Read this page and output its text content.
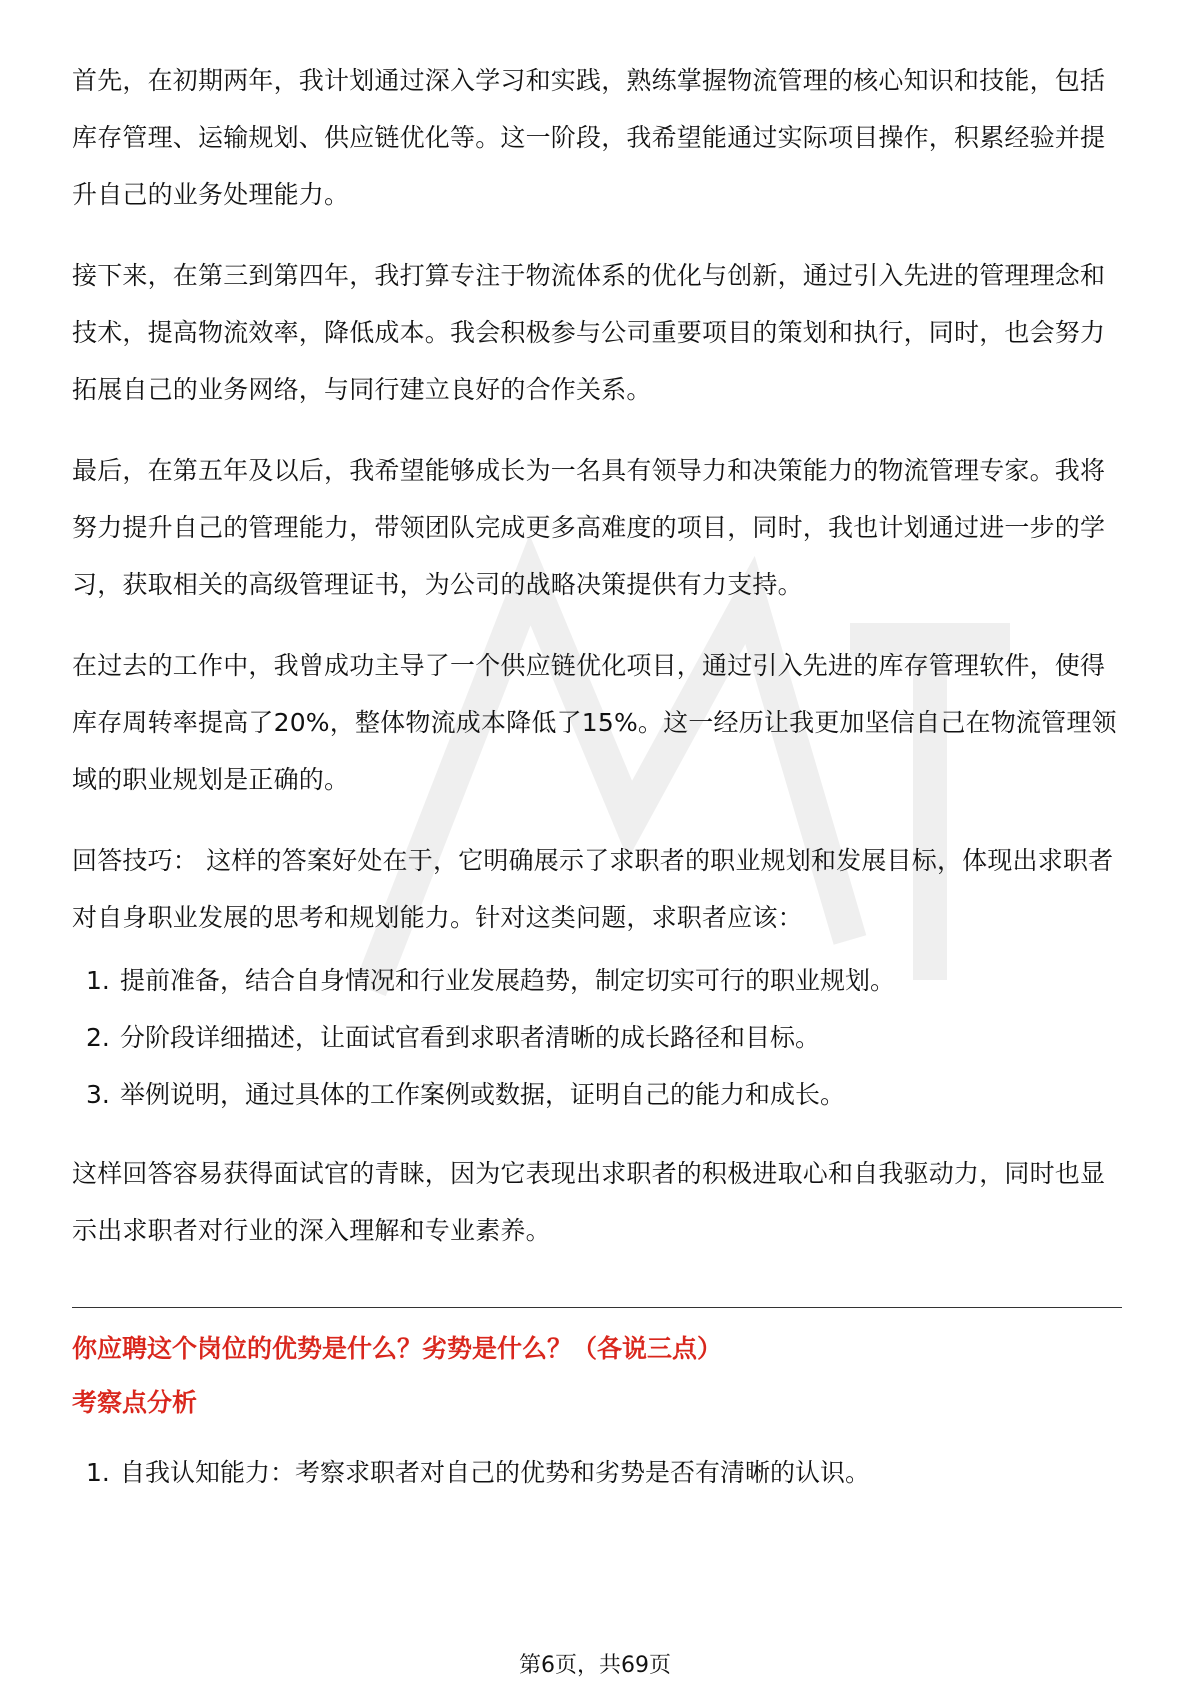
首先，在初期两年，我计划通过深入学习和实践，熟练掌握物流管理的核心知识和技能，包括库存管理、运输规划、供应链优化等。这一阶段，我希望能通过实际项目操作，积累经验并提升自己的业务处理能力。

接下来，在第三到第四年，我打算专注于物流体系的优化与创新，通过引入先进的管理理念和技术，提高物流效率，降低成本。我会积极参与公司重要项目的策划和执行，同时，也会努力拓展自己的业务网络，与同行建立良好的合作关系。

最后，在第五年及以后，我希望能够成长为一名具有领导力和决策能力的物流管理专家。我将努力提升自己的管理能力，带领团队完成更多高难度的项目，同时，我也计划通过进一步的学习，获取相关的高级管理证书，为公司的战略决策提供有力支持。

在过去的工作中，我曾成功主导了一个供应链优化项目，通过引入先进的库存管理软件，使得库存周转率提高了20%，整体物流成本降低了15%。这一经历让我更加坚信自己在物流管理领域的职业规划是正确的。

回答技巧： 这样的答案好处在于，它明确展示了求职者的职业规划和发展目标，体现出求职者对自身职业发展的思考和规划能力。针对这类问题，求职者应该：

1. 提前准备，结合自身情况和行业发展趋势，制定切实可行的职业规划。
2. 分阶段详细描述，让面试官看到求职者清晰的成长路径和目标。
3. 举例说明，通过具体的工作案例或数据，证明自己的能力和成长。

这样回答容易获得面试官的青睐，因为它表现出求职者的积极进取心和自我驱动力，同时也显示出求职者对行业的深入理解和专业素养。

你应聘这个岗位的优势是什么？劣势是什么？（各说三点）
考察点分析
1. 自我认知能力：考察求职者对自己的优势和劣势是否有清晰的认识。
第6页，共69页
